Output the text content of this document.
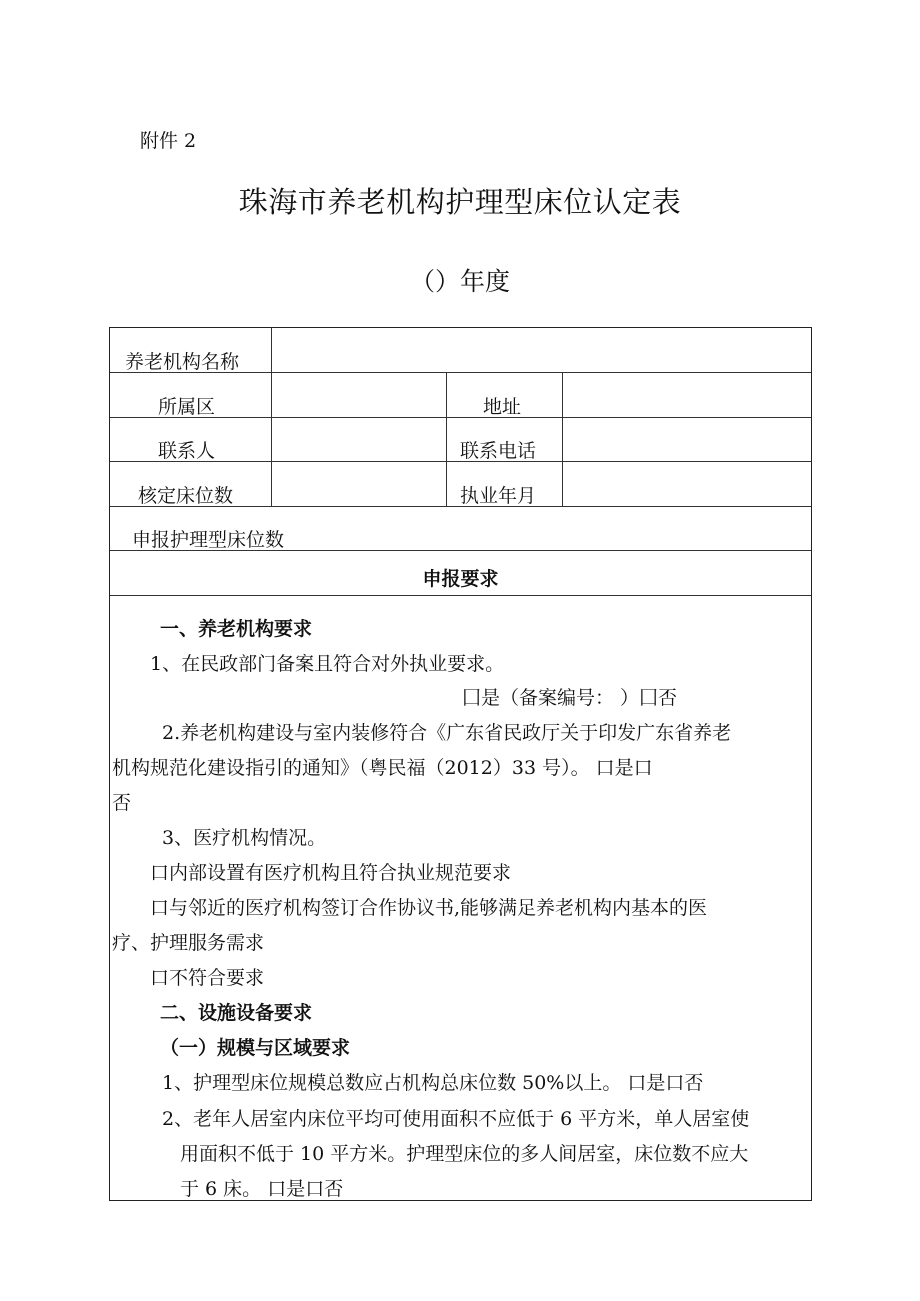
附件 2
珠海市养老机构护理型床位认定表
（）年度
养老机构名称
所属区	地址
联系人	联系电话
核定床位数	执业年月
申报护理型床位数
申报要求
一、养老机构要求
1、在民政部门备案且符合对外执业要求。
囗是（备案编号： ）囗否
2.养老机构建设与室内装修符合《广东省民政厅关于印发广东省养老
机构规范化建设指引的通知》（粤民福（2012）33 号）。 口是口
否
3、医疗机构情况。
口内部设置有医疗机构且符合执业规范要求
口与邻近的医疗机构签订合作协议书,能够满足养老机构内基本的医
疗、护理服务需求
口不符合要求
二、设施设备要求
（一）规模与区域要求
1、护理型床位规模总数应占机构总床位数 50%以上。 口是口否
2、老年人居室内床位平均可使用面积不应低于 6 平方米，单人居室使
用面积不低于 10 平方米。护理型床位的多人间居室，床位数不应大
于 6 床。 口是口否
